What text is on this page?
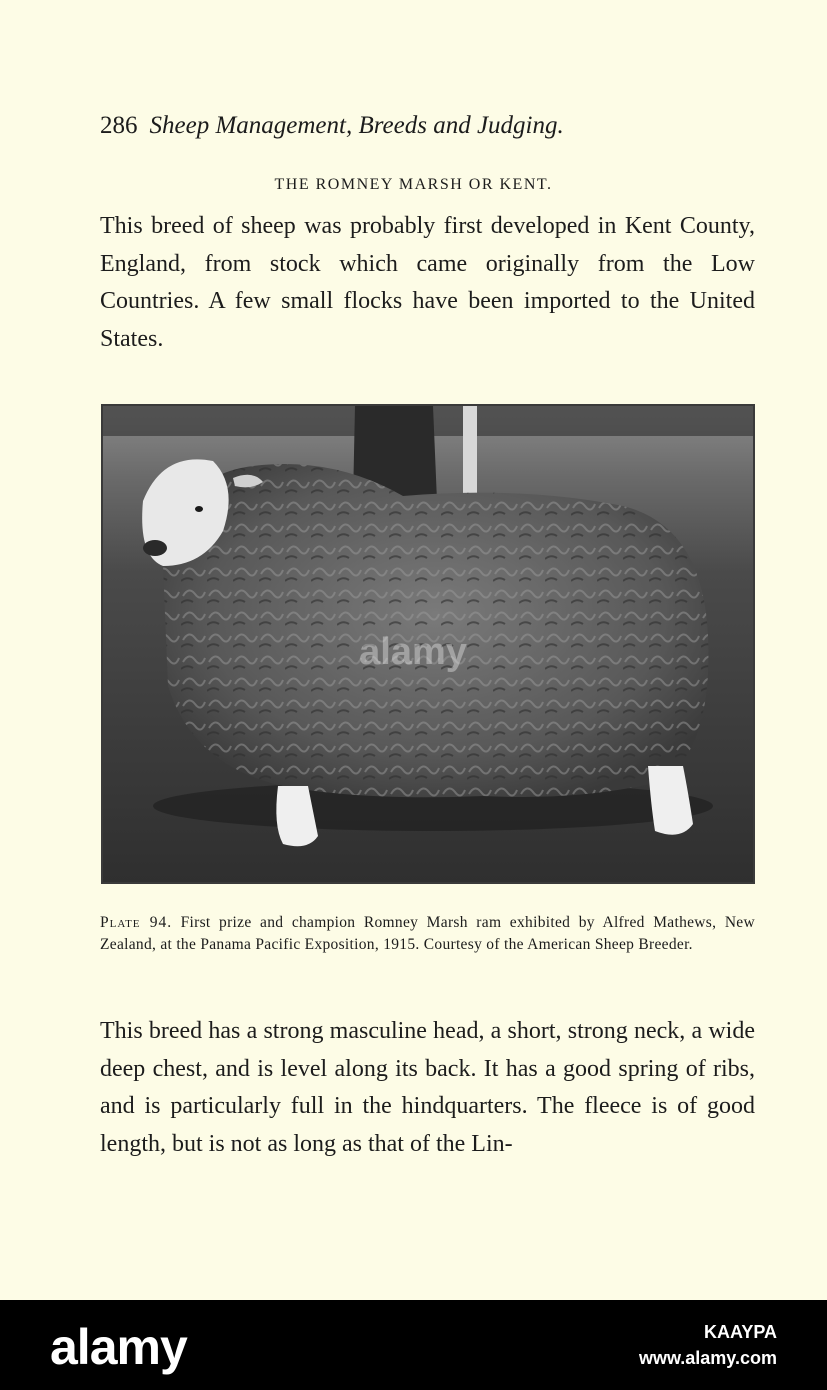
286 Sheep Management, Breeds and Judging.
THE ROMNEY MARSH OR KENT.

This breed of sheep was probably first developed in Kent County, England, from stock which came originally from the Low Countries. A few small flocks have been imported to the United States.

alamy

Plate 94. First prize and champion Romney Marsh ram exhibited by Alfred Mathews, New Zealand, at the Panama Pacific Exposition, 1915. Courtesy of the American Sheep Breeder.

This breed has a strong masculine head, a short, strong neck, a wide deep chest, and is level along its back. It has a good spring of ribs, and is particularly full in the hindquarters. The fleece is of good length, but is not as long as that of the Lin-

alamy	KAAYPA
www.alamy.com
